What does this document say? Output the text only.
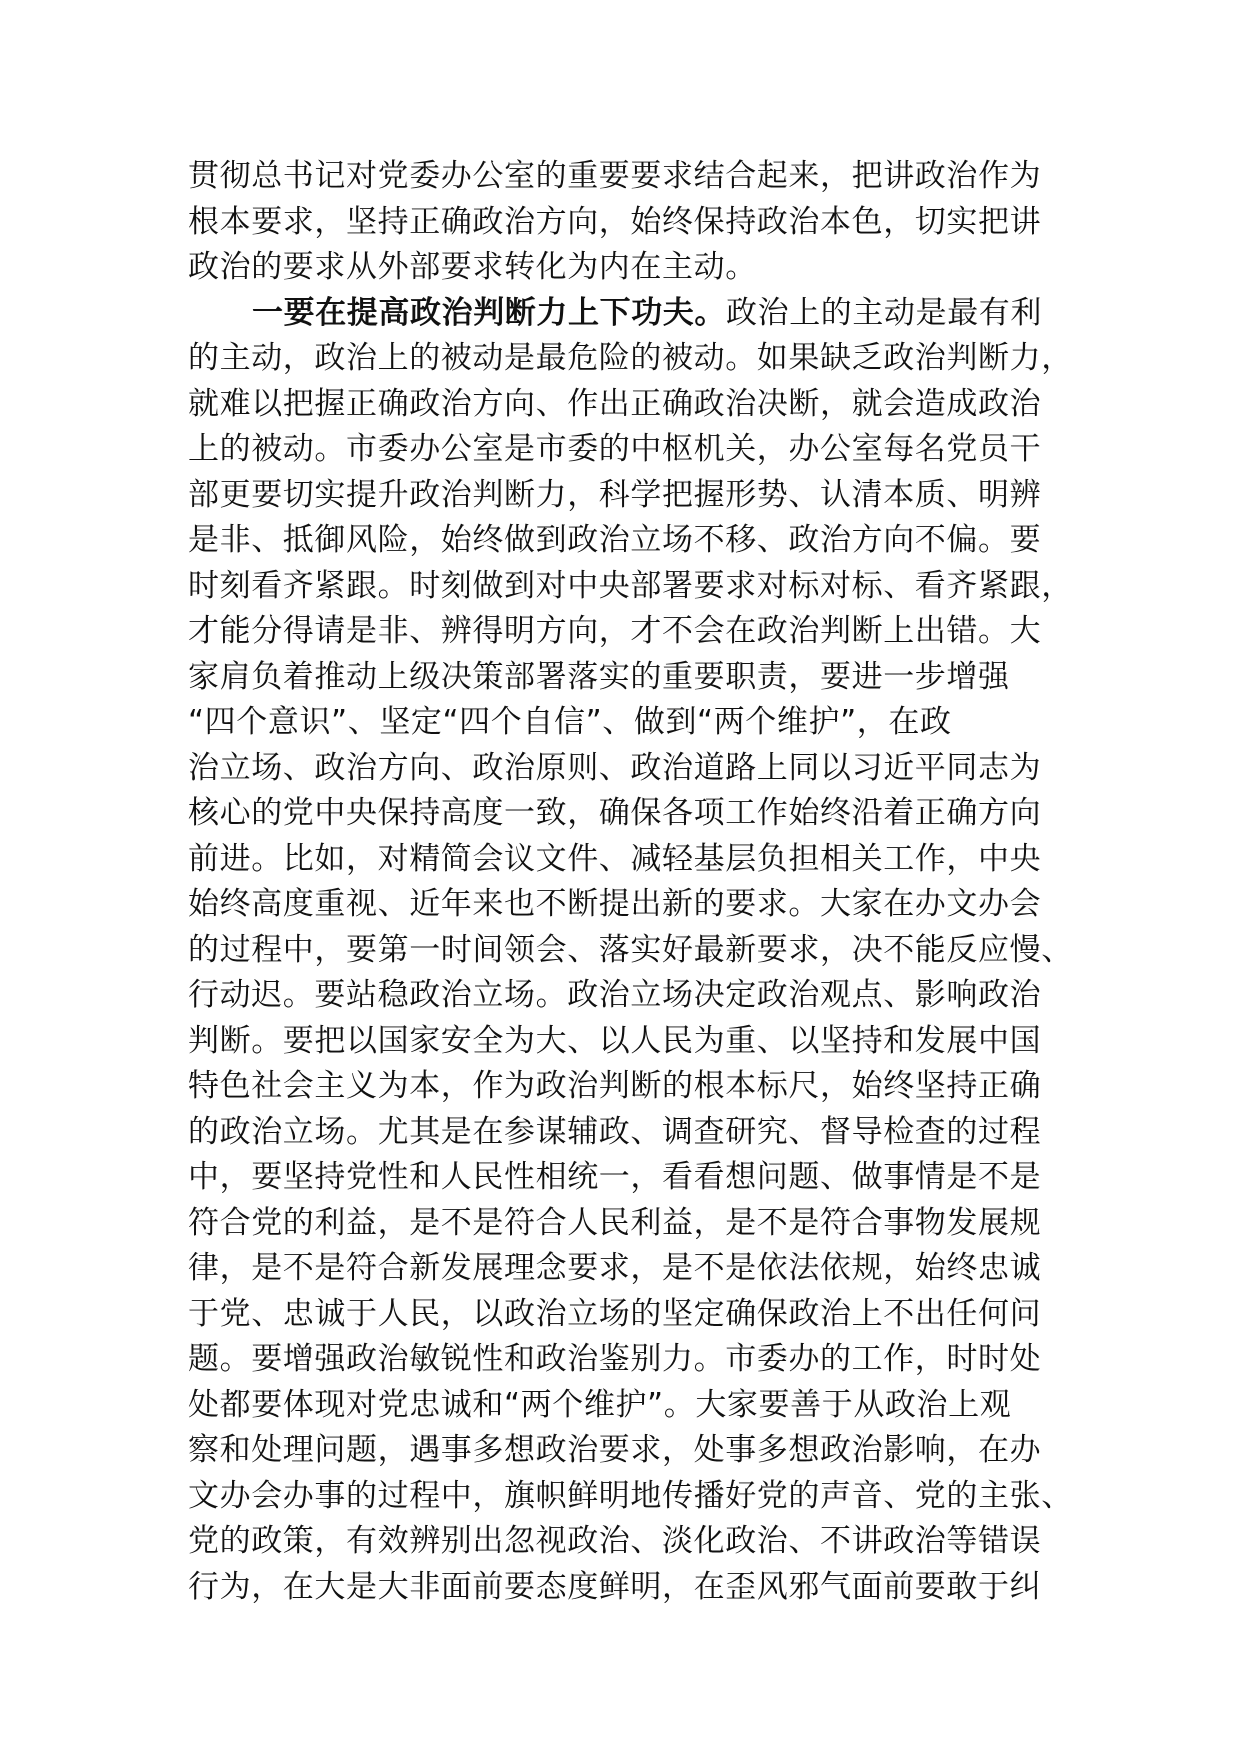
贯彻总书记对党委办公室的重要要求结合起来，把讲政治作为
根本要求，坚持正确政治方向，始终保持政治本色，切实把讲
政治的要求从外部要求转化为内在主动。
一要在提高政治判断力上下功夫。政治上的主动是最有利
的主动，政治上的被动是最危险的被动。如果缺乏政治判断力，
就难以把握正确政治方向、作出正确政治决断，就会造成政治
上的被动。市委办公室是市委的中枢机关，办公室每名党员干
部更要切实提升政治判断力，科学把握形势、认清本质、明辨
是非、抵御风险，始终做到政治立场不移、政治方向不偏。要
时刻看齐紧跟。时刻做到对中央部署要求对标对标、看齐紧跟，
才能分得请是非、辨得明方向，才不会在政治判断上出错。大
家肩负着推动上级决策部署落实的重要职责，要进一步增强
“四个意识”、坚定“四个自信”、做到“两个维护”，在政
治立场、政治方向、政治原则、政治道路上同以习近平同志为
核心的党中央保持高度一致，确保各项工作始终沿着正确方向
前进。比如，对精简会议文件、减轻基层负担相关工作，中央
始终高度重视、近年来也不断提出新的要求。大家在办文办会
的过程中，要第一时间领会、落实好最新要求，决不能反应慢、
行动迟。要站稳政治立场。政治立场决定政治观点、影响政治
判断。要把以国家安全为大、以人民为重、以坚持和发展中国
特色社会主义为本，作为政治判断的根本标尺，始终坚持正确
的政治立场。尤其是在参谋辅政、调查研究、督导检查的过程
中，要坚持党性和人民性相统一，看看想问题、做事情是不是
符合党的利益，是不是符合人民利益，是不是符合事物发展规
律，是不是符合新发展理念要求，是不是依法依规，始终忠诚
于党、忠诚于人民，以政治立场的坚定确保政治上不出任何问
题。要增强政治敏锐性和政治鉴别力。市委办的工作，时时处
处都要体现对党忠诚和“两个维护”。大家要善于从政治上观
察和处理问题，遇事多想政治要求，处事多想政治影响，在办
文办会办事的过程中，旗帜鲜明地传播好党的声音、党的主张、
党的政策，有效辨别出忽视政治、淡化政治、不讲政治等错误
行为，在大是大非面前要态度鲜明，在歪风邪气面前要敢于纠
